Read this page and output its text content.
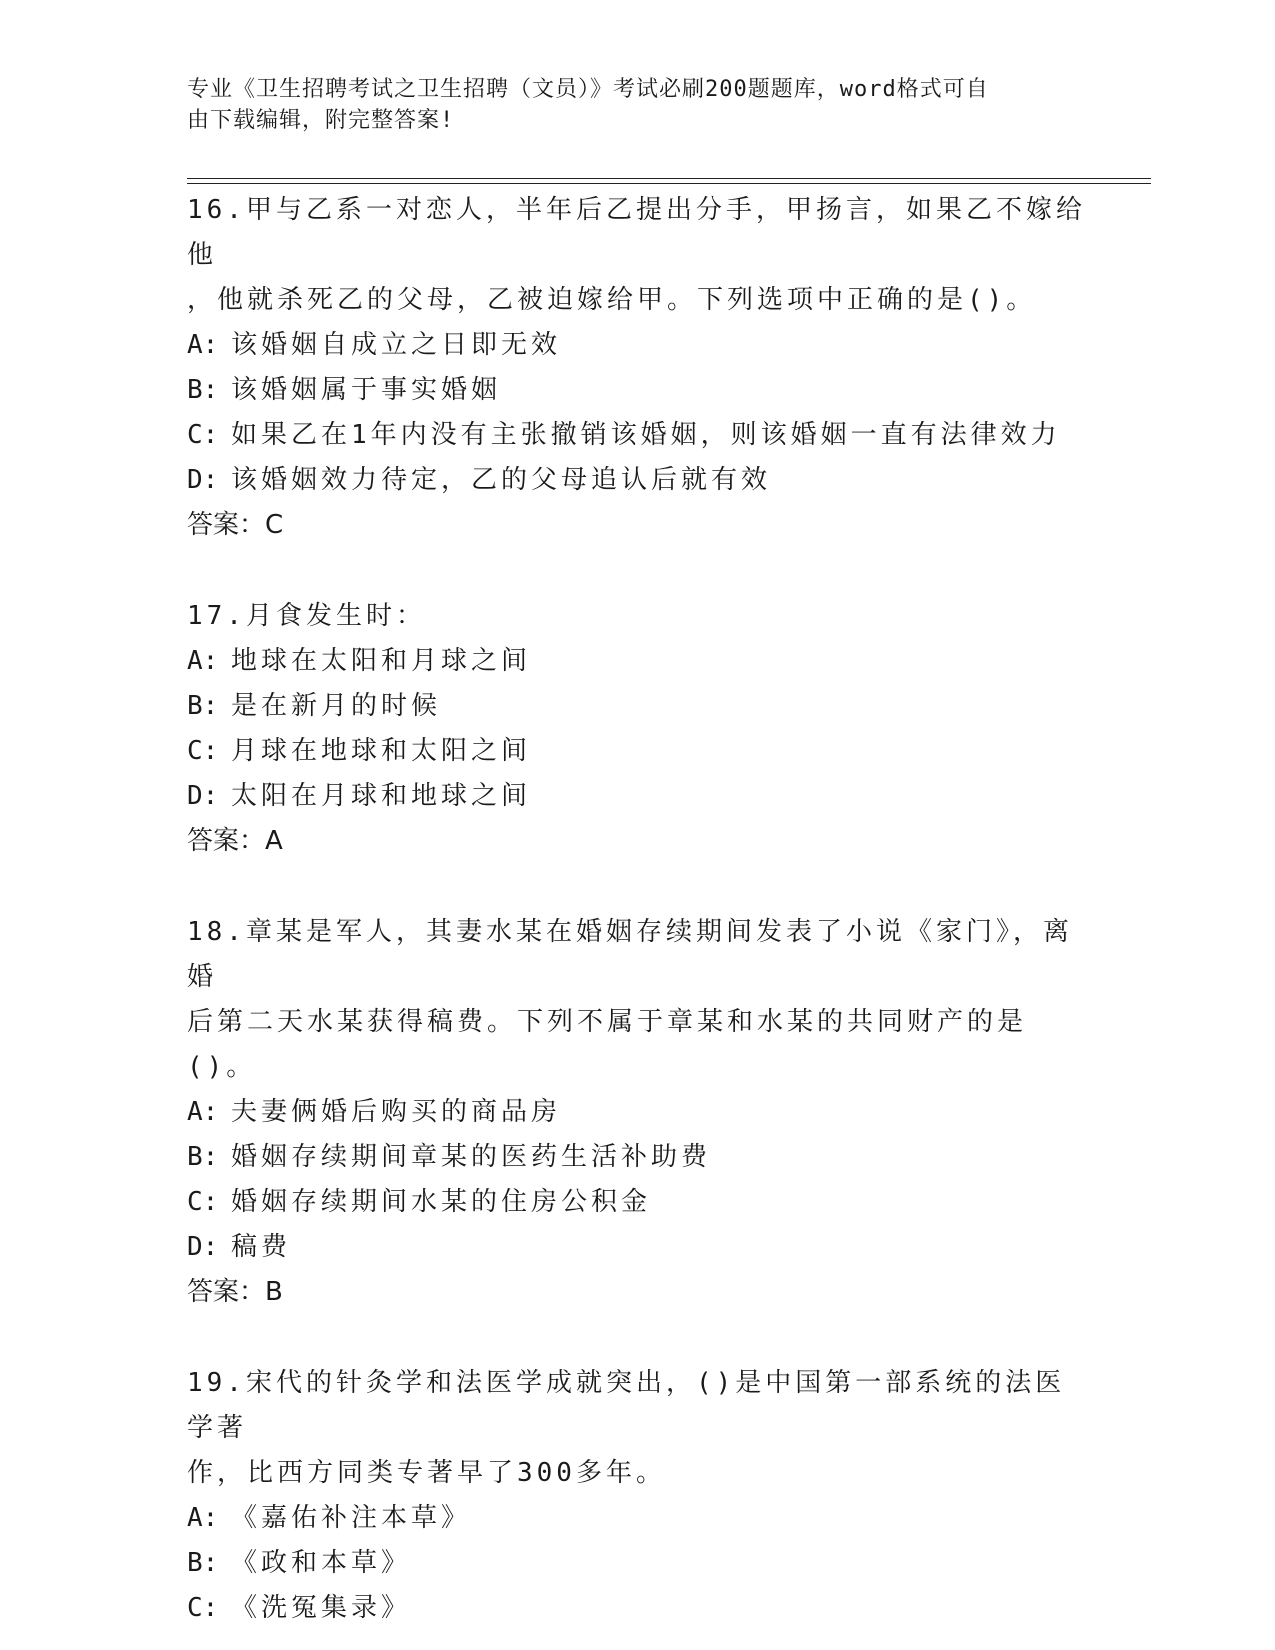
专业《卫生招聘考试之卫生招聘（文员）》考试必刷200题题库，word格式可自
由下载编辑，附完整答案!

16.甲与乙系一对恋人，半年后乙提出分手，甲扬言，如果乙不嫁给他

，他就杀死乙的父母，乙被迫嫁给甲。下列选项中正确的是()。

A: 该婚姻自成立之日即无效

B: 该婚姻属于事实婚姻

C: 如果乙在1年内没有主张撤销该婚姻，则该婚姻一直有法律效力

D: 该婚姻效力待定，乙的父母追认后就有效

答案：C

17.月食发生时：

A: 地球在太阳和月球之间

B: 是在新月的时候

C: 月球在地球和太阳之间

D: 太阳在月球和地球之间

答案：A

18.章某是军人，其妻水某在婚姻存续期间发表了小说《家门》，离婚

后第二天水某获得稿费。下列不属于章某和水某的共同财产的是()。

A: 夫妻俩婚后购买的商品房

B: 婚姻存续期间章某的医药生活补助费

C: 婚姻存续期间水某的住房公积金

D: 稿费

答案：B

19.宋代的针灸学和法医学成就突出，()是中国第一部系统的法医学著

作，比西方同类专著早了300多年。

A: 《嘉佑补注本草》

B: 《政和本草》

C: 《洗冤集录》
